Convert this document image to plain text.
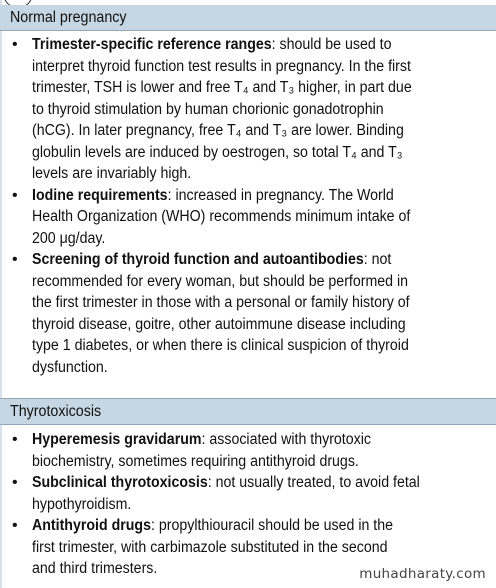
Normal pregnancy
• Trimester-specific reference ranges: should be used to
interpret thyroid function test results in pregnancy. In the first
trimester, TSH is lower and free T₄ and T₃ higher, in part due
to thyroid stimulation by human chorionic gonadotrophin
(hCG). In later pregnancy, free T₄ and T₃ are lower. Binding
globulin levels are induced by oestrogen, so total T₄ and T₃
levels are invariably high.
• Iodine requirements: increased in pregnancy. The World
Health Organization (WHO) recommends minimum intake of
200 μg/day.
• Screening of thyroid function and autoantibodies: not
recommended for every woman, but should be performed in
the first trimester in those with a personal or family history of
thyroid disease, goitre, other autoimmune disease including
type 1 diabetes, or when there is clinical suspicion of thyroid
dysfunction.
Thyrotoxicosis
• Hyperemesis gravidarum: associated with thyrotoxic
biochemistry, sometimes requiring antithyroid drugs.
• Subclinical thyrotoxicosis: not usually treated, to avoid fetal
hypothyroidism.
• Antithyroid drugs: propylthiouracil should be used in the
first trimester, with carbimazole substituted in the second
and third trimesters.	muhadharaty.com
